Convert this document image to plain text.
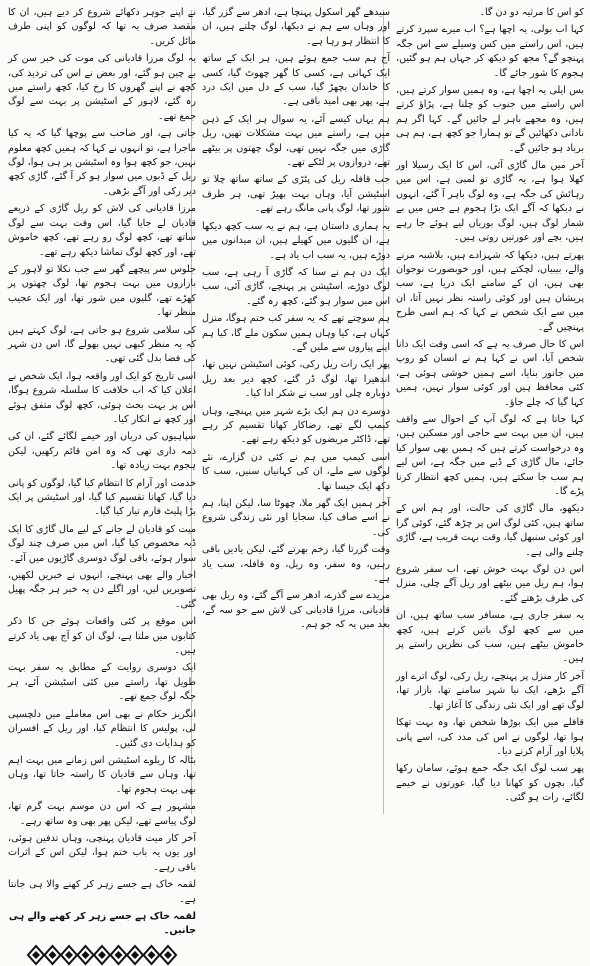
کو اس کا مرثیہ دو دن گا۔

کہا اب بولی، یہ اچھا ہے؟ اب میرے سپرد کرتے ہیں، اس راستے میں کس وسیلے سے اس جگہ پہنچو گے؟ مجھ کو دیکھ کر جہاں ہم ہو گئیں، ہجوم کا شور جائے گا۔

بس ایلی یہ اچھا ہے، وہ ہمیں سوار کرتے ہیں، اس راستے میں جنوب کو چلنا ہے، پڑاؤ کرتے ہیں، وہ مجھے باہر لے جائیں گے۔ کہا اگر ہم نادانی دکھائیں گے تو ہمارا جو کچھ ہے، ہم ہی برباد ہو جائیں گے۔

آخر میں مال گاڑی آئی، اس کا ایک رسیلا اور کھلا ہوا ہے، یہ گاڑی تو لمبی ہے، اس میں رہائش کی جگہ ہے، وہ لوگ باہر آ گئے، انہوں نے دیکھا کہ آگے ایک بڑا ہجوم ہے جس میں بے شمار لوگ ہیں، لوگ بوریاں لیے ہوئے جا رہے ہیں، بچے اور عورتیں روتی ہیں۔

پھرتے ہیں، دیکھا کہ شہزادے ہیں، بلاشبہ مرنے والے، بیبیاں، لچکتے ہیں، اور خوبصورت نوجوان بھی ہیں، ان کے سامنے ایک دریا ہے، سب پریشان ہیں اور کوئی راستہ نظر نہیں آتا، ان میں سے ایک شخص نے کہا کہ ہم اسی طرح پہنچیں گے۔

اس کا حال صرف یہ ہے کہ اسی وقت ایک دانا شخص آیا، اس نے کہا ہم نے انسان کو روپ میں جانور بنایا، اسے ہمیں خوشی ہوئی ہے، کئی محافظ ہیں اور کوئی سوار نہیں، ہمیں کہا گیا کہ چلے جاؤ۔

کہا جاتا ہے کہ لوگ آپ کے احوال سے واقف ہیں، ان میں بہت سے حاجی اور مسکین ہیں، وہ درخواست کرتے ہیں کہ ہمیں بھی سوار کیا جائے، مال گاڑی کے ڈبے میں جگہ ہے، اس لیے ہم سب جا سکتے ہیں، ہمیں کچھ انتظار کرنا پڑے گا۔

دیکھو، مال گاڑی کی حالت، اور ہم اس کے ساتھ ہیں، کئی لوگ اس پر چڑھ گئے، کوئی گرا اور کوئی سنبھل گیا، وقت بہت قریب ہے، گاڑی چلنے والی ہے۔

اس دن لوگ بہت خوش تھے، اب سفر شروع ہوا، ہم ریل میں بیٹھے اور ریل آگے چلی، منزل کی طرف بڑھتے گئے۔

یہ سفر جاری ہے، مسافر سب ساتھ ہیں، ان میں سے کچھ لوگ باتیں کرتے ہیں، کچھ خاموش بیٹھے ہیں، سب کی نظریں راستے پر ہیں۔

آخر کار منزل پر پہنچے، ریل رکی، لوگ اترے اور آگے بڑھے، ایک نیا شہر سامنے تھا، بازار تھا، لوگ تھے اور ایک نئی زندگی کا آغاز تھا۔

قافلے میں ایک بوڑھا شخص تھا، وہ بہت تھکا ہوا تھا، لوگوں نے اس کی مدد کی، اسے پانی پلایا اور آرام کرنے دیا۔

پھر سب لوگ ایک جگہ جمع ہوئے، سامان رکھا گیا، بچوں کو کھانا دیا گیا، عورتوں نے خیمے لگائے، رات ہو گئی۔

سیدھے گھر اسکول پہنچا ہے، ادھر سے گزر گیا، اور وہاں سے ہم نے دیکھا، لوگ چلتے ہیں، ان کا انتظار ہو رہا ہے۔

آج ہم سب جمع ہوئے ہیں، ہر ایک کے ساتھ ایک کہانی ہے، کسی کا گھر چھوٹ گیا، کسی کا خاندان بچھڑ گیا، سب کے دل میں ایک درد ہے، پھر بھی امید باقی ہے۔

ہم یہاں کیسے آئے، یہ سوال ہر ایک کے ذہن میں ہے، راستے میں بہت مشکلات تھیں، ریل گاڑی میں جگہ نہیں تھی، لوگ چھتوں پر بیٹھے تھے، دروازوں پر لٹکے تھے۔

جب قافلہ ریل کی پٹڑی کے ساتھ ساتھ چلا تو اسٹیشن آیا، وہاں بہت بھیڑ تھی، ہر طرف شور تھا، لوگ پانی مانگ رہے تھے۔

یہ ہماری داستان ہے، ہم نے یہ سب کچھ دیکھا ہے، ان گلیوں میں کھیلے ہیں، ان میدانوں میں دوڑے ہیں، یہ سب اب یاد ہے۔

ایک دن ہم نے سنا کہ گاڑی آ رہی ہے، سب لوگ دوڑے، اسٹیشن پر پہنچے، گاڑی آئی، سب اس میں سوار ہو گئے، کچھ رہ گئے۔

ہم سوچتے تھے کہ یہ سفر کب ختم ہوگا، منزل کہاں ہے، کیا وہاں ہمیں سکون ملے گا، کیا ہم اپنے پیاروں سے ملیں گے۔

پھر ایک رات ریل رکی، کوئی اسٹیشن نہیں تھا، اندھیرا تھا، لوگ ڈر گئے، کچھ دیر بعد ریل دوبارہ چلی اور سب نے شکر ادا کیا۔

دوسرے دن ہم ایک بڑے شہر میں پہنچے، وہاں کیمپ لگے تھے، رضاکار کھانا تقسیم کر رہے تھے، ڈاکٹر مریضوں کو دیکھ رہے تھے۔

اسی کیمپ میں ہم نے کئی دن گزارے، نئے لوگوں سے ملے، ان کی کہانیاں سنیں، سب کا دکھ ایک جیسا تھا۔

آخر ہمیں ایک گھر ملا، چھوٹا سا، لیکن اپنا، ہم نے اسے صاف کیا، سجایا اور نئی زندگی شروع کی۔

وقت گزرتا گیا، زخم بھرتے گئے، لیکن یادیں باقی رہیں، وہ سفر، وہ ریل، وہ قافلہ، سب یاد ہے۔

مریدے سے گذرے، ادھر سے آگے گئے، وہ ریل بھی قادیانی، مرزا قادیانی کی لاش سے جو سہ گے، بعد میں یہ کہ جو ہم۔

نے اپنے جوہر دکھائے شروع کر دیے ہیں، ان کا مقصد صرف یہ تھا کہ لوگوں کو اپنی طرف مائل کریں۔

یہ لوگ مرزا قادیانی کی موت کی خبر سن کر بے چین ہو گئے، اور بعض نے اس کی تردید کی، کچھ نے اپنے گھروں کا رخ کیا، کچھ راستے میں رہ گئے، لاہور کے اسٹیشن پر بہت سے لوگ جمع تھے۔

جاتی ہے، اور صاحب سے پوچھا گیا کہ یہ کیا ماجرا ہے، تو انہوں نے کہا کہ ہمیں کچھ معلوم نہیں، جو کچھ ہوا وہ اسٹیشن پر ہی ہوا، لوگ ریل کے ڈبوں میں سوار ہو کر آ گئے، گاڑی کچھ دیر رکی اور آگے بڑھی۔

مرزا قادیانی کی لاش کو ریل گاڑی کے ذریعے قادیان لے جایا گیا، اس وقت بہت سے لوگ ساتھ تھے، کچھ لوگ رو رہے تھے، کچھ خاموش تھے، اور کچھ لوگ تماشا دیکھ رہے تھے۔

جلوس سر پیچھے گھر سے جب نکلا تو لاہور کے بازاروں میں بہت ہجوم تھا، لوگ چھتوں پر کھڑے تھے، گلیوں میں شور تھا، اور ایک عجیب منظر تھا۔

کی سلامی شروع ہو جاتی ہے، لوگ کہتے ہیں کہ یہ منظر کبھی نہیں بھولے گا، اس دن شہر کی فضا بدل گئی تھی۔

اسی تاریخ کو ایک اور واقعہ ہوا، ایک شخص نے اعلان کیا کہ اب خلافت کا سلسلہ شروع ہوگا، اس پر بہت بحث ہوئی، کچھ لوگ متفق ہوئے اور کچھ نے انکار کیا۔

سپاہیوں کی دریاں اور خیمے لگائے گئے، ان کی ذمہ داری تھی کہ وہ امن قائم رکھیں، لیکن ہجوم بہت زیادہ تھا۔

خدمت اور آرام کا انتظام کیا گیا، لوگوں کو پانی دیا گیا، کھانا تقسیم کیا گیا، اور اسٹیشن پر ایک بڑا پلیٹ فارم تیار کیا گیا۔

میت کو قادیان لے جانے کے لیے مال گاڑی کا ایک ڈبہ مخصوص کیا گیا، اس میں صرف چند لوگ سوار ہوئے، باقی لوگ دوسری گاڑیوں میں آئے۔

اخبار والے بھی پہنچے، انہوں نے خبریں لکھیں، تصویریں لیں، اور اگلے دن یہ خبر ہر جگہ پھیل گئی۔

اس موقع پر کئی واقعات ہوئے جن کا ذکر کتابوں میں ملتا ہے، لوگ ان کو آج بھی یاد کرتے ہیں۔

ایک دوسری روایت کے مطابق یہ سفر بہت طویل تھا، راستے میں کئی اسٹیشن آئے، ہر جگہ لوگ جمع تھے۔

انگریز حکام نے بھی اس معاملے میں دلچسپی لی، پولیس کا انتظام کیا، اور ریل کے افسران کو ہدایات دی گئیں۔

بٹالہ کا ریلوے اسٹیشن اس زمانے میں بہت اہم تھا، وہاں سے قادیان کا راستہ جاتا تھا، وہاں بھی بہت ہجوم تھا۔

مشہور ہے کہ اس دن موسم بہت گرم تھا، لوگ پیاسے تھے، لیکن پھر بھی وہ ساتھ رہے۔

آخر کار میت قادیان پہنچی، وہاں تدفین ہوئی، اور یوں یہ باب ختم ہوا، لیکن اس کے اثرات باقی رہے۔

لقمہ خاک ہے جسے زہر کر کھنے والا ہی جانتا ہے۔

لقمہ خاک ہے جسے زہر کر کھنے والے ہی جانیں۔
